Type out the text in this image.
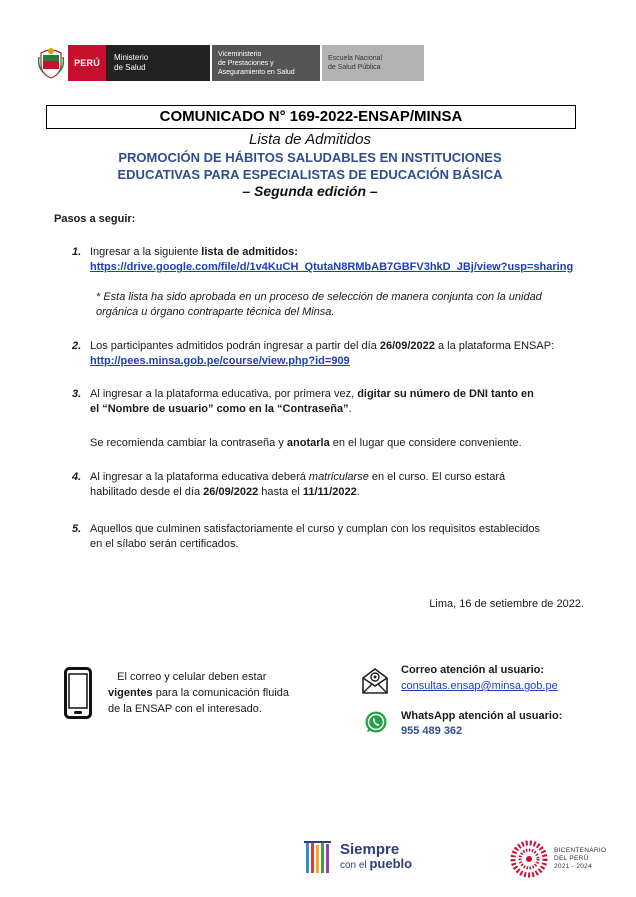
PERÚ
Ministerio
de Salud
Viceministerio
de Prestaciones y
Aseguramiento en Salud
Escuela Nacional
de Salud Pública
COMUNICADO N° 169-2022-ENSAP/MINSA
Lista de Admitidos
PROMOCIÓN DE HÁBITOS SALUDABLES EN INSTITUCIONES
EDUCATIVAS PARA ESPECIALISTAS DE EDUCACIÓN BÁSICA
– Segunda edición –
Pasos a seguir:
1. Ingresar a la siguiente lista de admitidos:
https://drive.google.com/file/d/1v4KuCH_QtutaN8RMbAB7GBFV3hkD_JBj/view?usp=sharing
* Esta lista ha sido aprobada en un proceso de selección de manera conjunta con la unidad
orgánica u órgano contraparte técnica del Minsa.
2. Los participantes admitidos podrán ingresar a partir del día 26/09/2022 a la plataforma ENSAP:
http://pees.minsa.gob.pe/course/view.php?id=909
3. Al ingresar a la plataforma educativa, por primera vez, digitar su número de DNI tanto en
el “Nombre de usuario” como en la “Contraseña”.
Se recomienda cambiar la contraseña y anotarla en el lugar que considere conveniente.
4. Al ingresar a la plataforma educativa deberá matricularse en el curso. El curso estará
habilitado desde el día 26/09/2022 hasta el 11/11/2022.
5. Aquellos que culminen satisfactoriamente el curso y cumplan con los requisitos establecidos
en el sílabo serán certificados.
Lima, 16 de setiembre de 2022.
El correo y celular deben estar
vigentes para la comunicación fluida
de la ENSAP con el interesado.
Correo atención al usuario:
consultas.ensap@minsa.gob.pe
WhatsApp atención al usuario:
955 489 362
Siempre
con el pueblo
BICENTENARIO
DEL PERÚ
2021 - 2024
